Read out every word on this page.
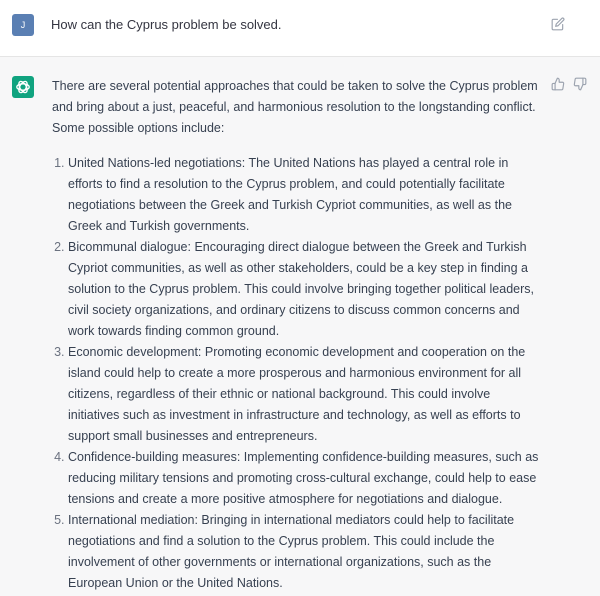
J	How can the Cyprus problem be solved.

There are several potential approaches that could be taken to solve the Cyprus problem and bring about a just, peaceful, and harmonious resolution to the longstanding conflict. Some possible options include:

1. United Nations-led negotiations: The United Nations has played a central role in efforts to find a resolution to the Cyprus problem, and could potentially facilitate negotiations between the Greek and Turkish Cypriot communities, as well as the Greek and Turkish governments.
2. Bicommunal dialogue: Encouraging direct dialogue between the Greek and Turkish Cypriot communities, as well as other stakeholders, could be a key step in finding a solution to the Cyprus problem. This could involve bringing together political leaders, civil society organizations, and ordinary citizens to discuss common concerns and work towards finding common ground.
3. Economic development: Promoting economic development and cooperation on the island could help to create a more prosperous and harmonious environment for all citizens, regardless of their ethnic or national background. This could involve initiatives such as investment in infrastructure and technology, as well as efforts to support small businesses and entrepreneurs.
4. Confidence-building measures: Implementing confidence-building measures, such as reducing military tensions and promoting cross-cultural exchange, could help to ease tensions and create a more positive atmosphere for negotiations and dialogue.
5. International mediation: Bringing in international mediators could help to facilitate negotiations and find a solution to the Cyprus problem. This could include the involvement of other governments or international organizations, such as the European Union or the United Nations.
